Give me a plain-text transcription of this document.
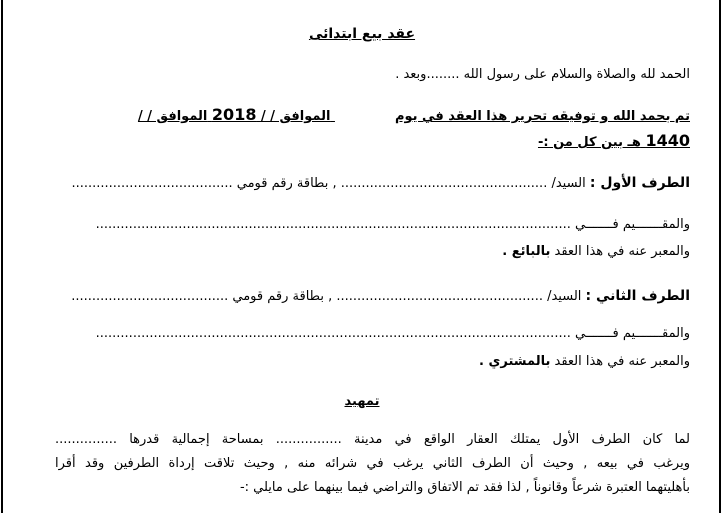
عقد بيع ابتدائى
الحمد لله والصلاة والسلام على رسول الله ........وبعد .
تم بحمد الله و توفيقه تحرير هذا العقد في يوم الموافق / / 2018 الموافق / /
1440 هـ بين كل من :-
الطرف الأول : السيد/ .................................................. , بطاقة رقم قومي .......................................
والمقـــــــيم فـــــــي ...................................................................................................................
والمعبر عنه في هذا العقد بالبائع .
الطرف الثاني : السيد/ .................................................. , بطاقة رقم قومي ......................................
والمقـــــــيم فـــــــي ...................................................................................................................
والمعبر عنه في هذا العقد بالمشتري .
تمهيد
لما كان الطرف الأول يمتلك العقار الواقع في مدينة ................ بمساحة إجمالية قدرها ...............
ويرغب في بيعه , وحيث أن الطرف الثاني يرغب في شرائه منه , وحيث تلاقت إرداة الطرفين وقد أقرا
بأهليتهما العتبرة شرعاً وقانوناً , لذا فقد تم الاتفاق والتراضي فيما بينهما على مايلي :-
